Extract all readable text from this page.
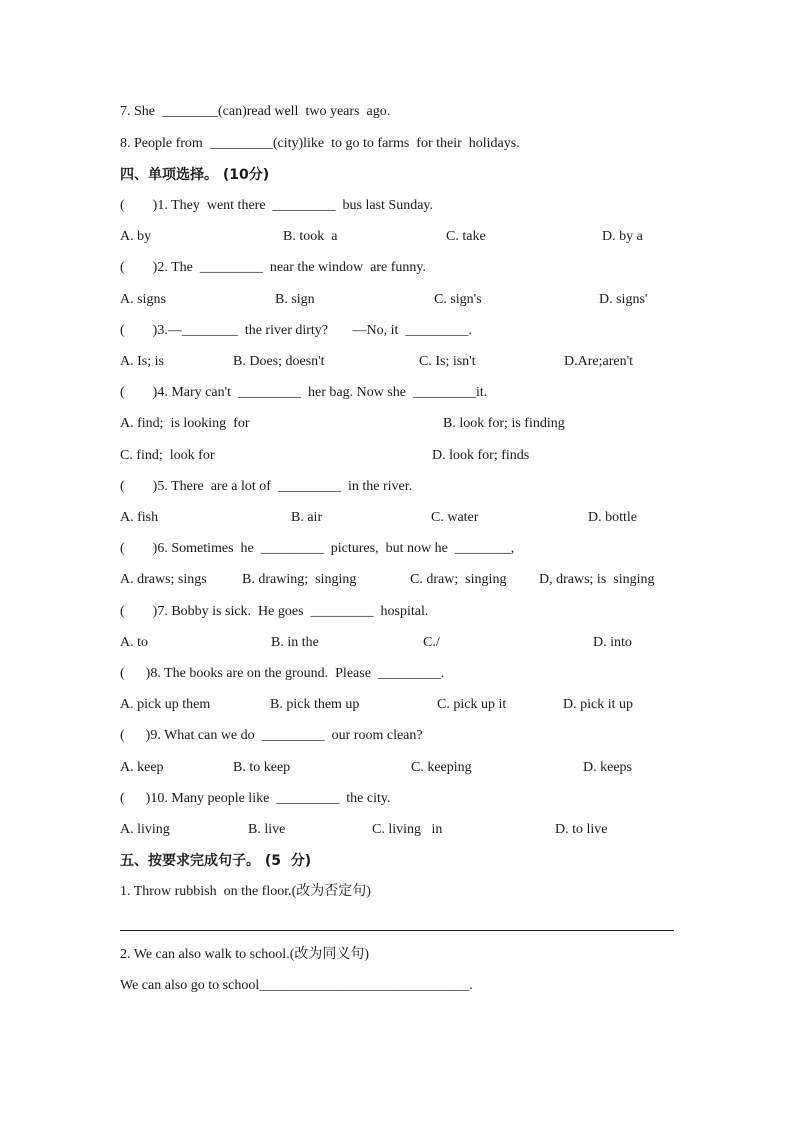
7. She  ________(can)read well  two years  ago.
8. People from  _________(city)like  to go to farms  for their  holidays.
四、单项选择。 (10分)
(        )1. They  went there  _________  bus last Sunday.
A. by	B. took  a	C. take	D. by a
(        )2. The  _________  near the window  are funny.
A. signs	B. sign	C. sign's	D. signs'
(        )3.—________  the river dirty?       —No, it  _________.
A. Is; is	B. Does; doesn't	C. Is; isn't	D.Are;aren't
(        )4. Mary can't  _________  her bag. Now she  _________it.
A. find;  is looking  for	B. look for; is finding
C. find;  look for	D. look for; finds
(        )5. There  are a lot of  _________  in the river.
A. fish	B. air	C. water	D. bottle
(        )6. Sometimes  he  _________  pictures,  but now he  ________,
A. draws; sings	B. drawing;  singing	C. draw;  singing D, draws; is  singing
(        )7. Bobby is sick.  He goes  _________  hospital.
A. to	B. in the	C./	D. into
(      )8. The books are on the ground.  Please  _________.
A. pick up them	B. pick them up	C. pick up it	D. pick it up
(      )9. What can we do  _________  our room clean?
A. keep	B. to keep	C. keeping	D. keeps
(      )10. Many people like  _________  the city.
A. living	B. live	C. living   in	D. to live
五、按要求完成句子。 (5  分)
1. Throw rubbish  on the floor.(改为否定句)
2. We can also walk to school.(改为同义句)
We can also go to school______________________________.
